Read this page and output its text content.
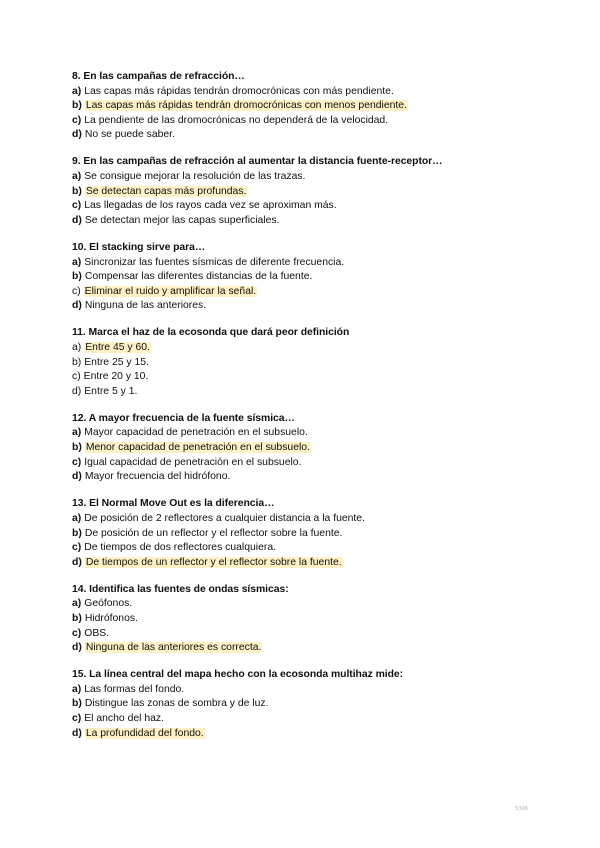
8. En las campañas de refracción…
a) Las capas más rápidas tendrán dromocrónicas con más pendiente.
b) Las capas más rápidas tendrán dromocrónicas con menos pendiente.
c) La pendiente de las dromocrónicas no dependerá de la velocidad.
d) No se puede saber.
9. En las campañas de refracción al aumentar la distancia fuente-receptor…
a) Se consigue mejorar la resolución de las trazas.
b) Se detectan capas más profundas.
c) Las llegadas de los rayos cada vez se aproximan más.
d) Se detectan mejor las capas superficiales.
10. El stacking sirve para…
a) Sincronizar las fuentes sísmicas de diferente frecuencia.
b) Compensar las diferentes distancias de la fuente.
c) Eliminar el ruido y amplificar la señal.
d) Ninguna de las anteriores.
11. Marca el haz de la ecosonda que dará peor definición
a) Entre 45 y 60.
b) Entre 25 y 15.
c) Entre 20 y 10.
d) Entre 5 y 1.
12. A mayor frecuencia de la fuente sísmica…
a) Mayor capacidad de penetración en el subsuelo.
b) Menor capacidad de penetración en el subsuelo.
c) Igual capacidad de penetración en el subsuelo.
d) Mayor frecuencia del hidrófono.
13. El Normal Move Out es la diferencia…
a) De posición de 2 reflectores a cualquier distancia a la fuente.
b) De posición de un reflector y el reflector sobre la fuente.
c) De tiempos de dos reflectores cualquiera.
d) De tiempos de un reflector y el reflector sobre la fuente.
14. Identifica las fuentes de ondas sísmicas:
a) Geófonos.
b) Hidrófonos.
c) OBS.
d) Ninguna de las anteriores es correcta.
15. La línea central del mapa hecho con la ecosonda multihaz mide:
a) Las formas del fondo.
b) Distingue las zonas de sombra y de luz.
c) El ancho del haz.
d) La profundidad del fondo.
5396
